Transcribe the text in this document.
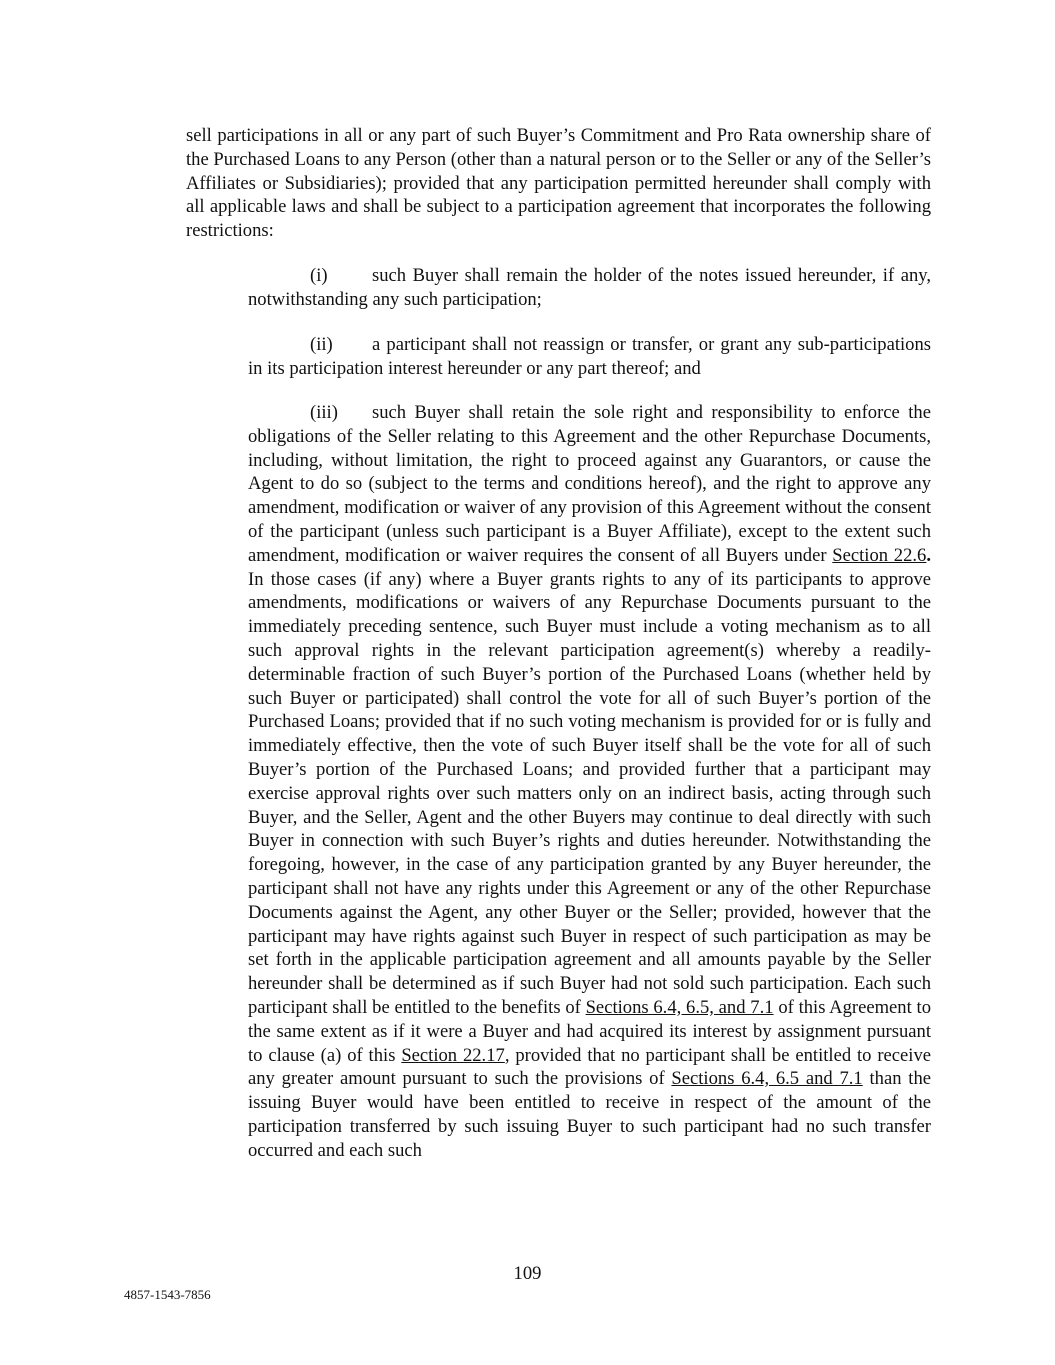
sell participations in all or any part of such Buyer’s Commitment and Pro Rata ownership share of the Purchased Loans to any Person (other than a natural person or to the Seller or any of the Seller’s Affiliates or Subsidiaries); provided that any participation permitted hereunder shall comply with all applicable laws and shall be subject to a participation agreement that incorporates the following restrictions:

(i) such Buyer shall remain the holder of the notes issued hereunder, if any, notwithstanding any such participation;

(ii) a participant shall not reassign or transfer, or grant any sub-participations in its participation interest hereunder or any part thereof; and

(iii) such Buyer shall retain the sole right and responsibility to enforce the obligations of the Seller relating to this Agreement and the other Repurchase Documents, including, without limitation, the right to proceed against any Guarantors, or cause the Agent to do so (subject to the terms and conditions hereof), and the right to approve any amendment, modification or waiver of any provision of this Agreement without the consent of the participant (unless such participant is a Buyer Affiliate), except to the extent such amendment, modification or waiver requires the consent of all Buyers under Section 22.6. In those cases (if any) where a Buyer grants rights to any of its participants to approve amendments, modifications or waivers of any Repurchase Documents pursuant to the immediately preceding sentence, such Buyer must include a voting mechanism as to all such approval rights in the relevant participation agreement(s) whereby a readily-determinable fraction of such Buyer’s portion of the Purchased Loans (whether held by such Buyer or participated) shall control the vote for all of such Buyer’s portion of the Purchased Loans; provided that if no such voting mechanism is provided for or is fully and immediately effective, then the vote of such Buyer itself shall be the vote for all of such Buyer’s portion of the Purchased Loans; and provided further that a participant may exercise approval rights over such matters only on an indirect basis, acting through such Buyer, and the Seller, Agent and the other Buyers may continue to deal directly with such Buyer in connection with such Buyer’s rights and duties hereunder. Notwithstanding the foregoing, however, in the case of any participation granted by any Buyer hereunder, the participant shall not have any rights under this Agreement or any of the other Repurchase Documents against the Agent, any other Buyer or the Seller; provided, however that the participant may have rights against such Buyer in respect of such participation as may be set forth in the applicable participation agreement and all amounts payable by the Seller hereunder shall be determined as if such Buyer had not sold such participation. Each such participant shall be entitled to the benefits of Sections 6.4, 6.5, and 7.1 of this Agreement to the same extent as if it were a Buyer and had acquired its interest by assignment pursuant to clause (a) of this Section 22.17, provided that no participant shall be entitled to receive any greater amount pursuant to such the provisions of Sections 6.4, 6.5 and 7.1 than the issuing Buyer would have been entitled to receive in respect of the amount of the participation transferred by such issuing Buyer to such participant had no such transfer occurred and each such

109
4857-1543-7856
